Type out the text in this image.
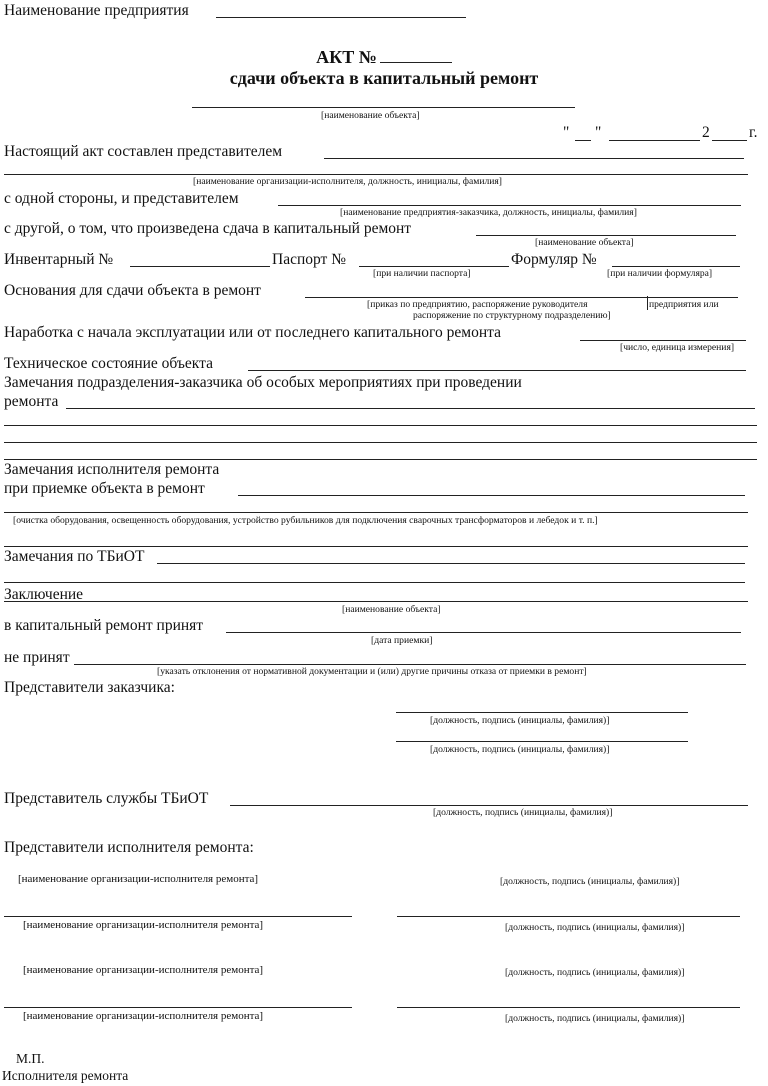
Наименование предприятия
АКТ №
сдачи объекта в капитальный ремонт
[наименование объекта]
" "	2	г.
Настоящий акт составлен представителем
[наименование организации-исполнителя, должность, инициалы, фамилия]
с одной стороны, и представителем
[наименование предприятия-заказчика, должность, инициалы, фамилия]
с другой, о том, что произведена сдача в капитальный ремонт
[наименование объекта]
Инвентарный №	Паспорт №
[при наличии паспорта]
Формуляр №
[при наличии формуляра]
Основания для сдачи объекта в ремонт
[приказ по предприятию, распоряжение руководителя	предприятия или
распоряжение по структурному подразделению]
Наработка с начала эксплуатации или от последнего капитального ремонта
[число, единица измерения]
Техническое состояние объекта
Замечания подразделения-заказчика об особых мероприятиях при проведении
ремонта
Замечания исполнителя ремонта
при приемке объекта в ремонт
[очистка оборудования, освещенность оборудования, устройство рубильников для подключения сварочных трансформаторов и лебедок и т. п.]
Замечания по ТБиОТ
Заключение
[наименование объекта]
в капитальный ремонт принят
[дата приемки]
не принят
[указать отклонения от нормативной документации и (или) другие причины отказа от приемки в ремонт]
Представители заказчика:
[должность, подпись (инициалы, фамилия)]
[должность, подпись (инициалы, фамилия)]
Представитель службы ТБиОТ
[должность, подпись (инициалы, фамилия)]
Представители исполнителя ремонта:
[наименование организации-исполнителя ремонта]	[должность, подпись (инициалы, фамилия)]
[наименование организации-исполнителя ремонта]	[должность, подпись (инициалы, фамилия)]
[наименование организации-исполнителя ремонта]	[должность, подпись (инициалы, фамилия)]
[наименование организации-исполнителя ремонта]	[должность, подпись (инициалы, фамилия)]
М.П.
Исполнителя ремонта
